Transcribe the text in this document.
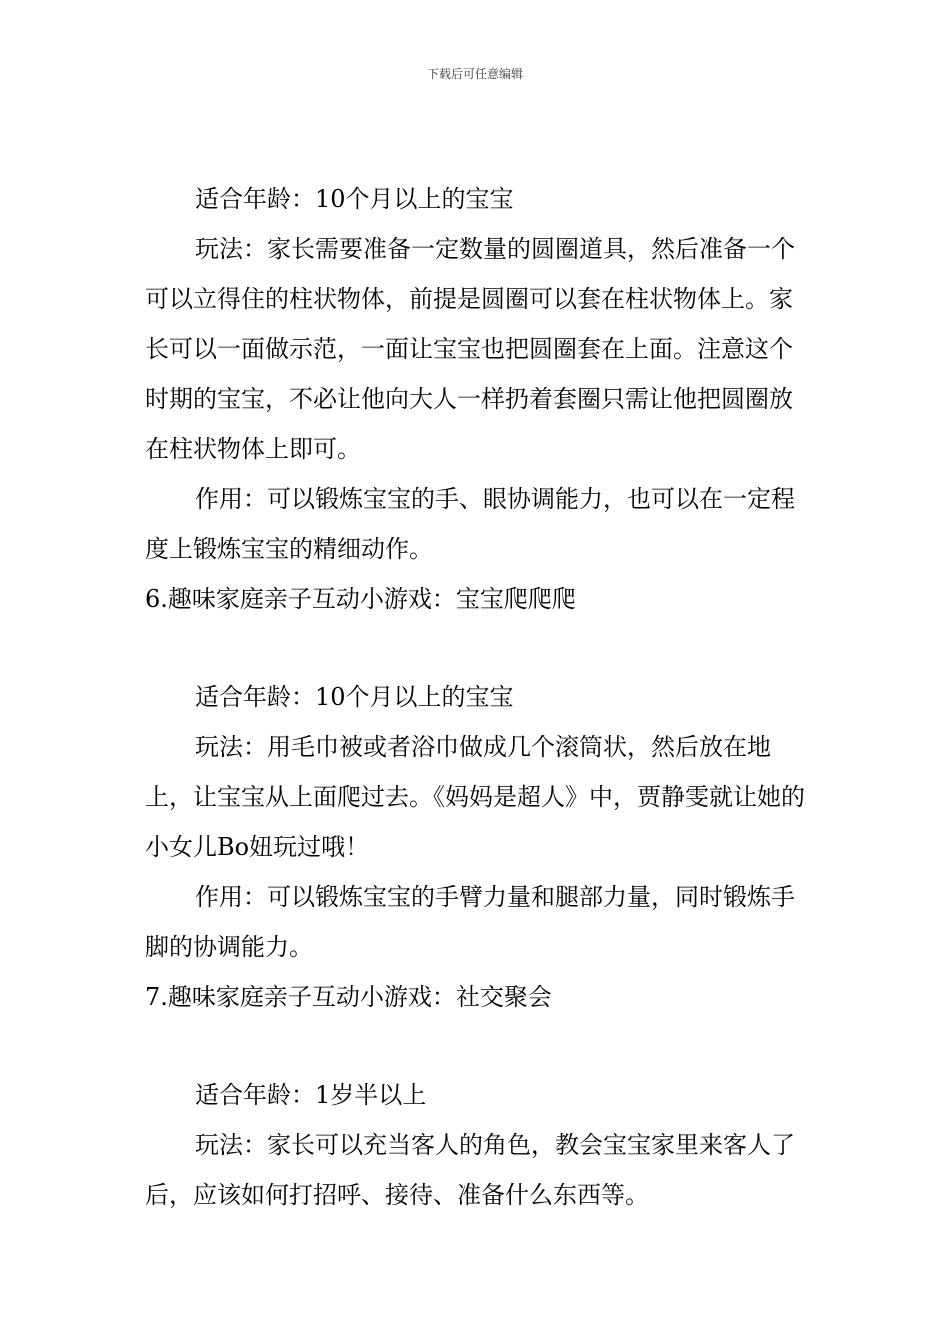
下载后可任意编辑

适合年龄：10个月以上的宝宝

玩法：家长需要准备一定数量的圆圈道具，然后准备一个可以立得住的柱状物体，前提是圆圈可以套在柱状物体上。家长可以一面做示范，一面让宝宝也把圆圈套在上面。注意这个时期的宝宝，不必让他向大人一样扔着套圈只需让他把圆圈放在柱状物体上即可。

作用：可以锻炼宝宝的手、眼协调能力，也可以在一定程度上锻炼宝宝的精细动作。

6.趣味家庭亲子互动小游戏：宝宝爬爬爬

适合年龄：10个月以上的宝宝

玩法：用毛巾被或者浴巾做成几个滚筒状，然后放在地上，让宝宝从上面爬过去。《妈妈是超人》中，贾静雯就让她的小女儿Bo妞玩过哦！

作用：可以锻炼宝宝的手臂力量和腿部力量，同时锻炼手脚的协调能力。

7.趣味家庭亲子互动小游戏：社交聚会

适合年龄：1岁半以上

玩法：家长可以充当客人的角色，教会宝宝家里来客人了后，应该如何打招呼、接待、准备什么东西等。
